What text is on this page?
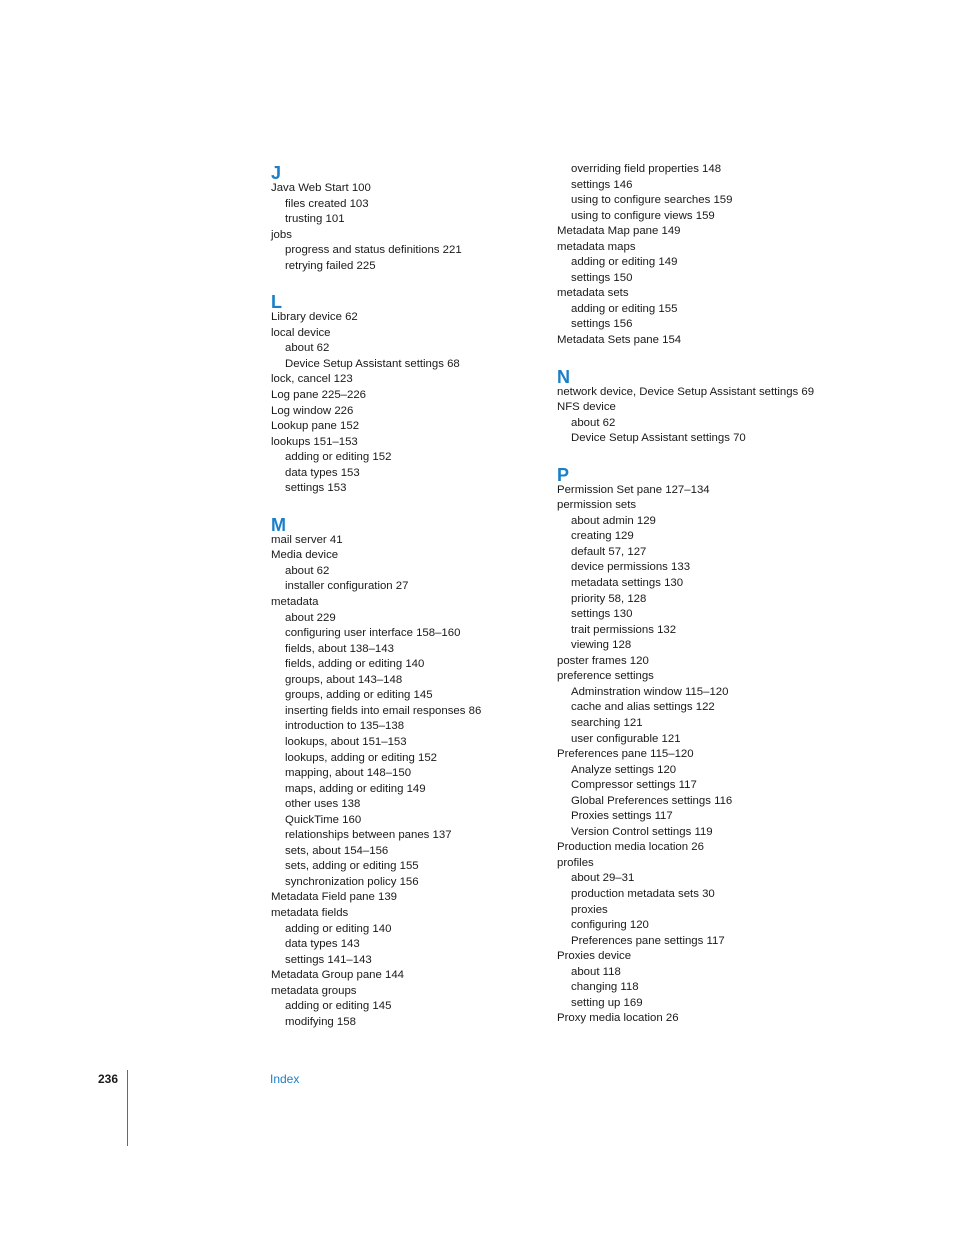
J
Java Web Start 100
files created 103
trusting 101
jobs
progress and status definitions 221
retrying failed 225
L
Library device 62
local device
about 62
Device Setup Assistant settings 68
lock, cancel 123
Log pane 225–226
Log window 226
Lookup pane 152
lookups 151–153
adding or editing 152
data types 153
settings 153
M
mail server 41
Media device
about 62
installer configuration 27
metadata
about 229
configuring user interface 158–160
fields, about 138–143
fields, adding or editing 140
groups, about 143–148
groups, adding or editing 145
inserting fields into email responses 86
introduction to 135–138
lookups, about 151–153
lookups, adding or editing 152
mapping, about 148–150
maps, adding or editing 149
other uses 138
QuickTime 160
relationships between panes 137
sets, about 154–156
sets, adding or editing 155
synchronization policy 156
Metadata Field pane 139
metadata fields
adding or editing 140
data types 143
settings 141–143
Metadata Group pane 144
metadata groups
adding or editing 145
modifying 158
overriding field properties 148
settings 146
using to configure searches 159
using to configure views 159
Metadata Map pane 149
metadata maps
adding or editing 149
settings 150
metadata sets
adding or editing 155
settings 156
Metadata Sets pane 154
N
network device, Device Setup Assistant settings 69
NFS device
about 62
Device Setup Assistant settings 70
P
Permission Set pane 127–134
permission sets
about admin 129
creating 129
default 57, 127
device permissions 133
metadata settings 130
priority 58, 128
settings 130
trait permissions 132
viewing 128
poster frames 120
preference settings
Adminstration window 115–120
cache and alias settings 122
searching 121
user configurable 121
Preferences pane 115–120
Analyze settings 120
Compressor settings 117
Global Preferences settings 116
Proxies settings 117
Version Control settings 119
Production media location 26
profiles
about 29–31
production metadata sets 30
proxies
configuring 120
Preferences pane settings 117
Proxies device
about 118
changing 118
setting up 169
Proxy media location 26
236	Index
